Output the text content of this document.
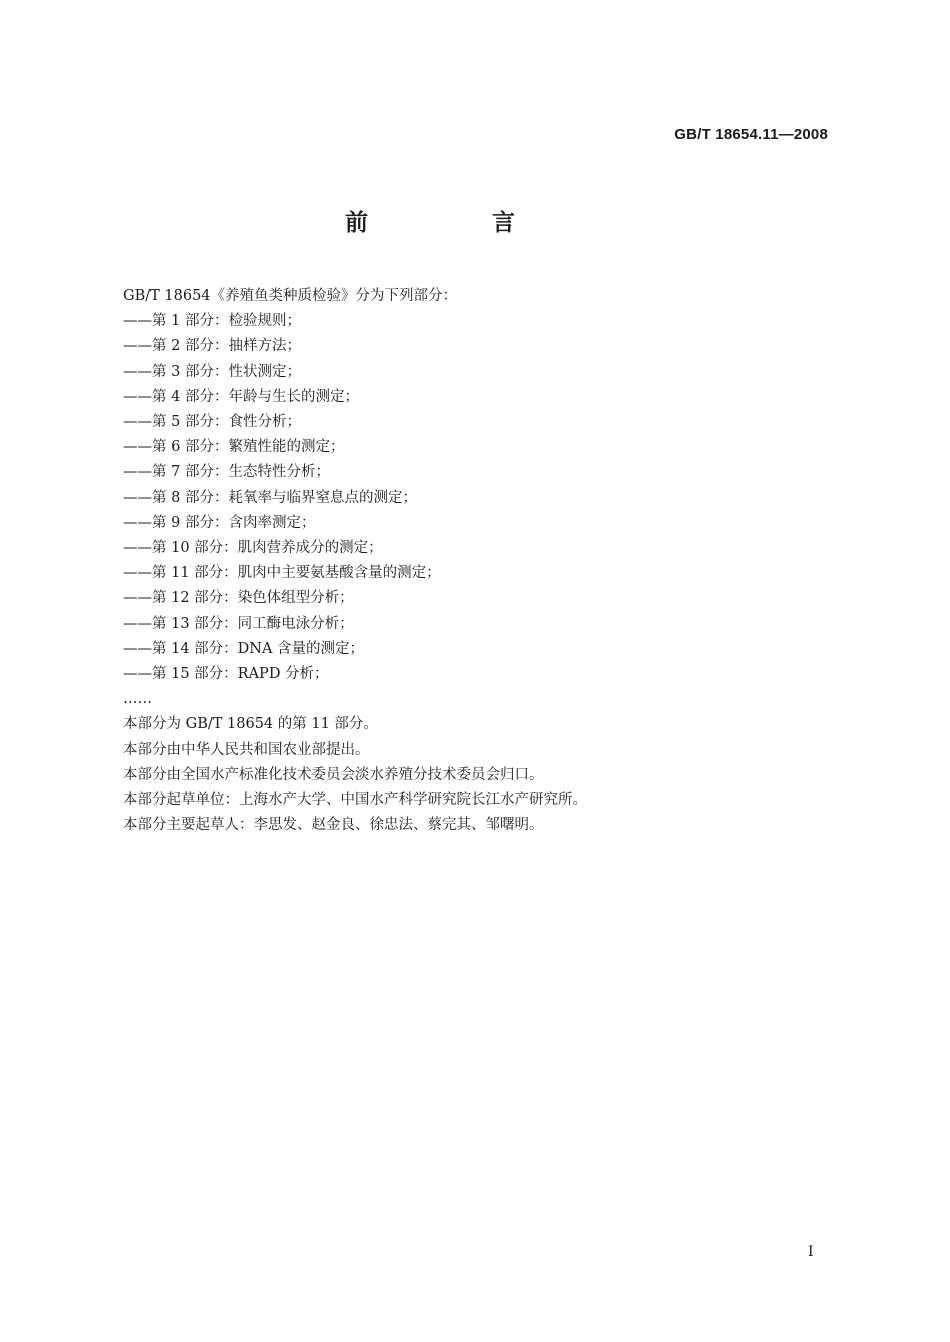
GB/T 18654.11—2008
前 言
GB/T 18654《养殖鱼类种质检验》分为下列部分：
——第 1 部分：检验规则；
——第 2 部分：抽样方法；
——第 3 部分：性状测定；
——第 4 部分：年龄与生长的测定；
——第 5 部分：食性分析；
——第 6 部分：繁殖性能的测定；
——第 7 部分：生态特性分析；
——第 8 部分：耗氧率与临界窒息点的测定；
——第 9 部分：含肉率测定；
——第 10 部分：肌肉营养成分的测定；
——第 11 部分：肌肉中主要氨基酸含量的测定；
——第 12 部分：染色体组型分析；
——第 13 部分：同工酶电泳分析；
——第 14 部分：DNA 含量的测定；
——第 15 部分：RAPD 分析；
……
本部分为 GB/T 18654 的第 11 部分。
本部分由中华人民共和国农业部提出。
本部分由全国水产标准化技术委员会淡水养殖分技术委员会归口。
本部分起草单位：上海水产大学、中国水产科学研究院长江水产研究所。
本部分主要起草人：李思发、赵金良、徐忠法、蔡完其、邹曙明。
I
